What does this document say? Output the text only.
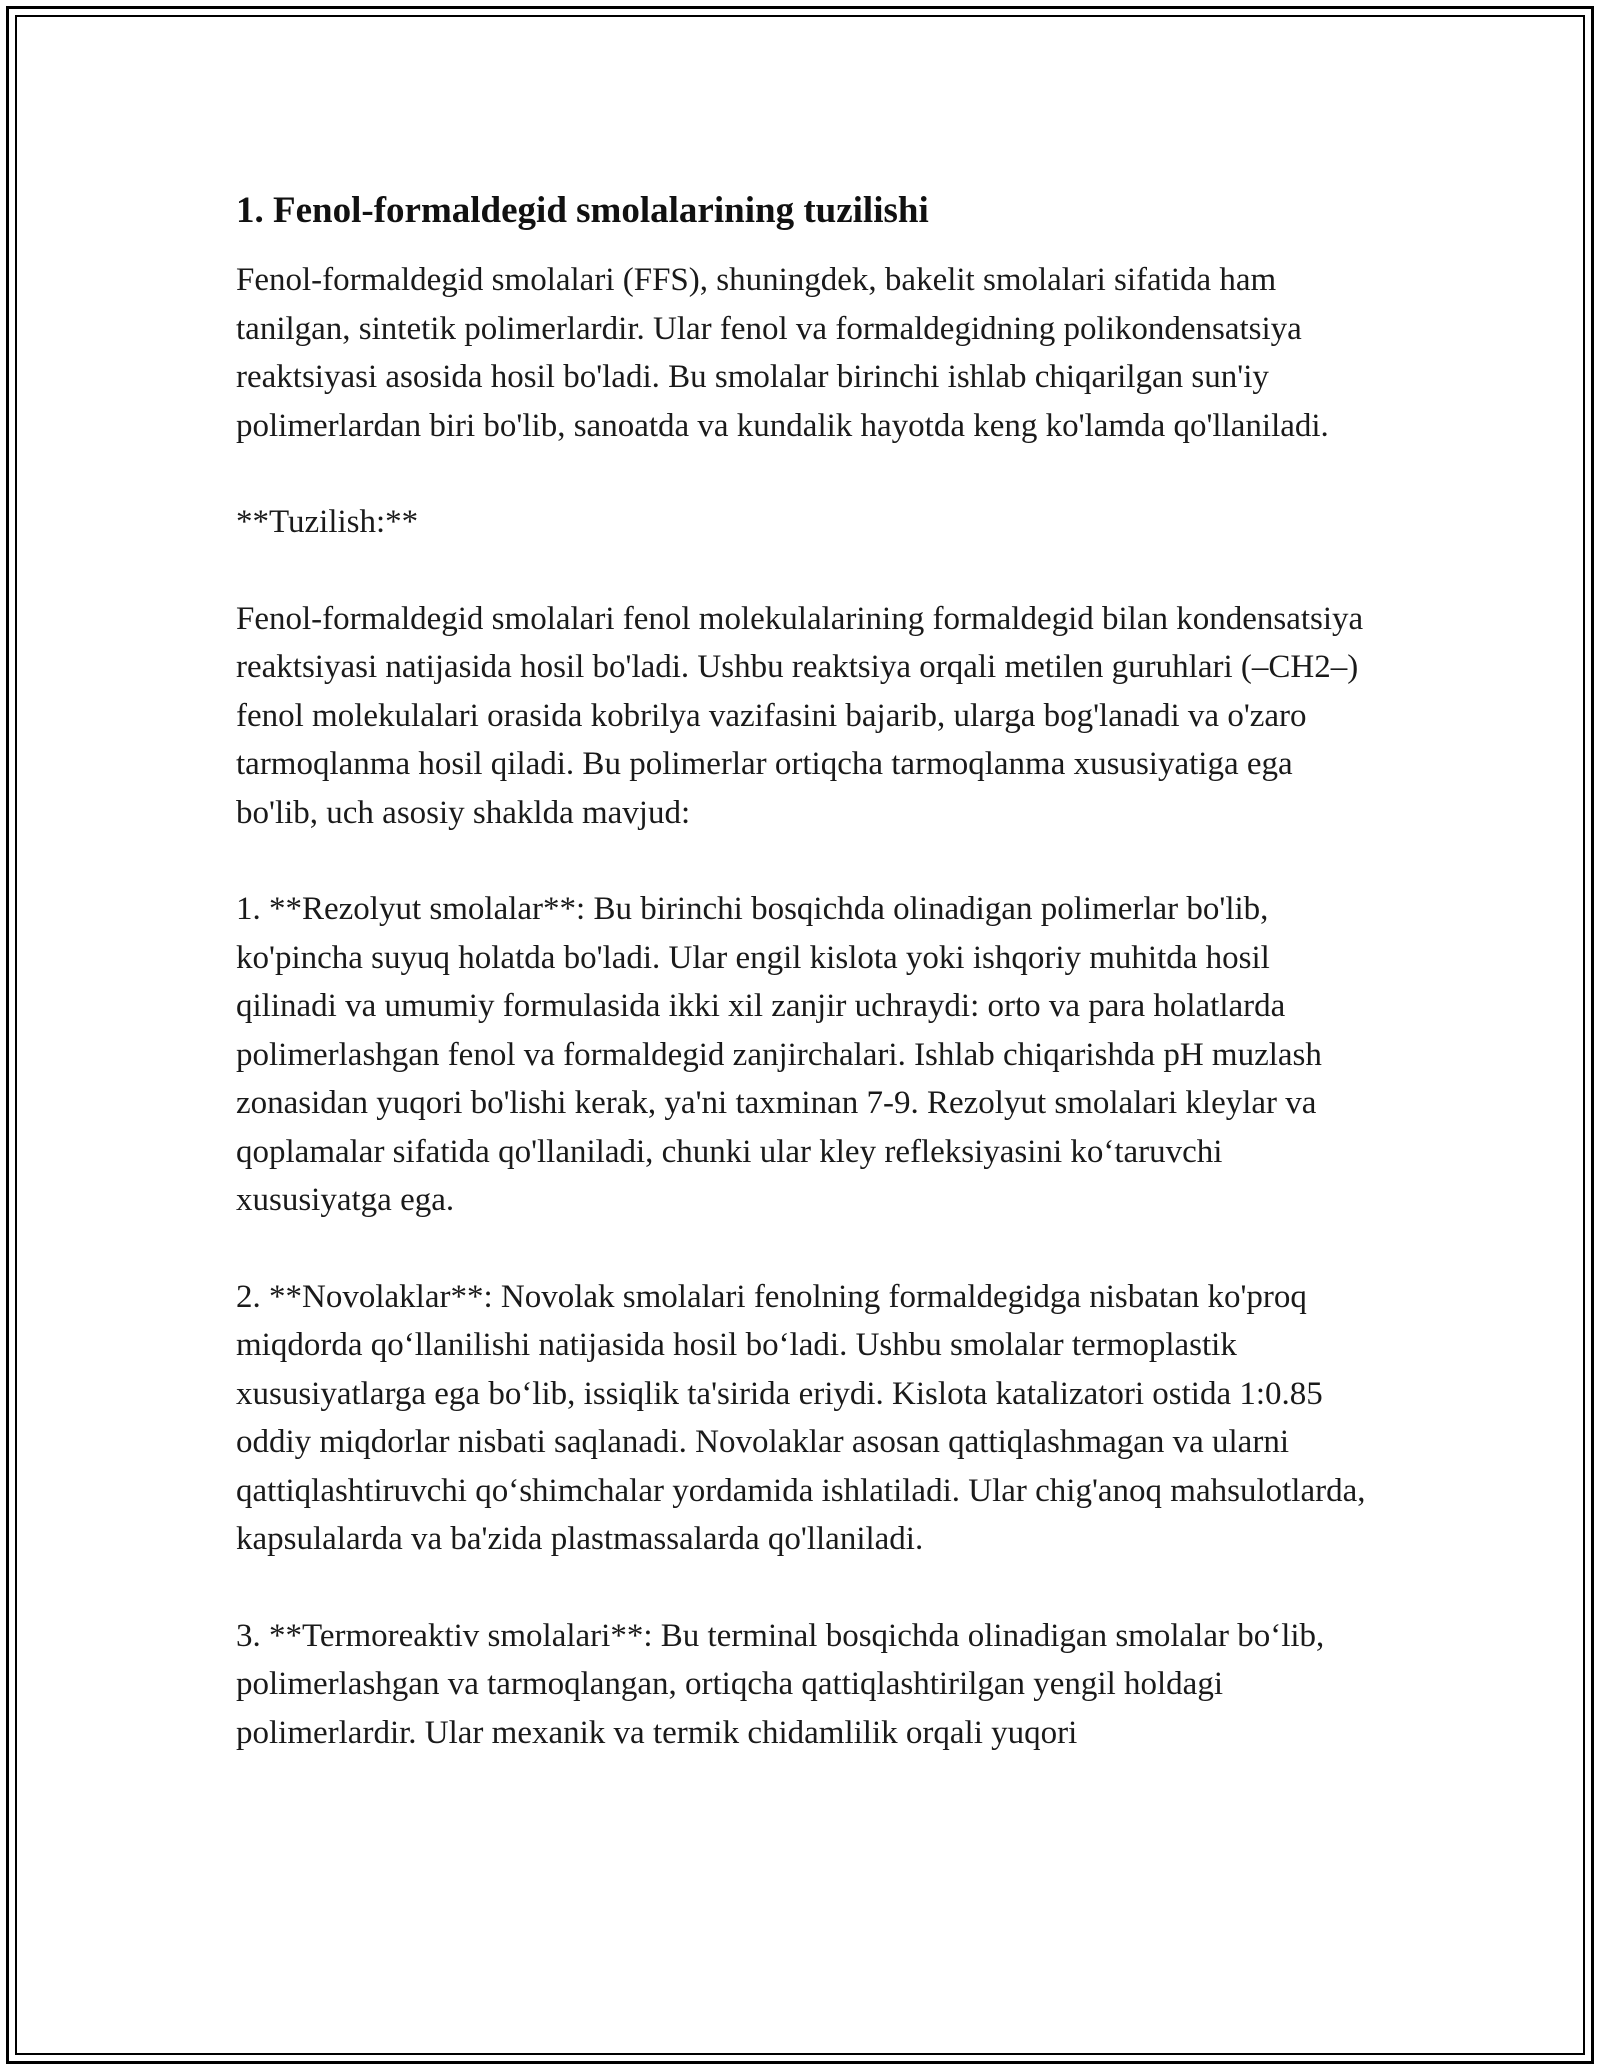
1. Fenol-formaldegid smolalarining tuzilishi

Fenol-formaldegid smolalari (FFS), shuningdek, bakelit smolalari sifatida ham tanilgan, sintetik polimerlardir. Ular fenol va formaldegidning polikondensatsiya reaktsiyasi asosida hosil bo'ladi. Bu smolalar birinchi ishlab chiqarilgan sun'iy polimerlardan biri bo'lib, sanoatda va kundalik hayotda keng ko'lamda qo'llaniladi.

**Tuzilish:**

Fenol-formaldegid smolalari fenol molekulalarining formaldegid bilan kondensatsiya reaktsiyasi natijasida hosil bo'ladi. Ushbu reaktsiya orqali metilen guruhlari (–CH2–) fenol molekulalari orasida kobrilya vazifasini bajarib, ularga bog'lanadi va o'zaro tarmoqlanma hosil qiladi. Bu polimerlar ortiqcha tarmoqlanma xususiyatiga ega bo'lib, uch asosiy shaklda mavjud:

1. **Rezolyut smolalar**: Bu birinchi bosqichda olinadigan polimerlar bo'lib, ko'pincha suyuq holatda bo'ladi. Ular engil kislota yoki ishqoriy muhitda hosil qilinadi va umumiy formulasida ikki xil zanjir uchraydi: orto va para holatlarda polimerlashgan fenol va formaldegid zanjirchalari. Ishlab chiqarishda pH muzlash zonasidan yuqori bo'lishi kerak, ya'ni taxminan 7-9. Rezolyut smolalari kleylar va qoplamalar sifatida qo'llaniladi, chunki ular kley refleksiyasini ko‘taruvchi xususiyatga ega.

2. **Novolaklar**: Novolak smolalari fenolning formaldegidga nisbatan ko'proq miqdorda qo‘llanilishi natijasida hosil bo‘ladi. Ushbu smolalar termoplastik xususiyatlarga ega bo‘lib, issiqlik ta'sirida eriydi. Kislota katalizatori ostida 1:0.85 oddiy miqdorlar nisbati saqlanadi. Novolaklar asosan qattiqlashmagan va ularni qattiqlashtiruvchi qo‘shimchalar yordamida ishlatiladi. Ular chig'anoq mahsulotlarda, kapsulalarda va ba'zida plastmassalarda qo'llaniladi.

3. **Termoreaktiv smolalari**: Bu terminal bosqichda olinadigan smolalar bo‘lib, polimerlashgan va tarmoqlangan, ortiqcha qattiqlashtirilgan yengil holdagi polimerlardir. Ular mexanik va termik chidamlilik orqali yuqori
